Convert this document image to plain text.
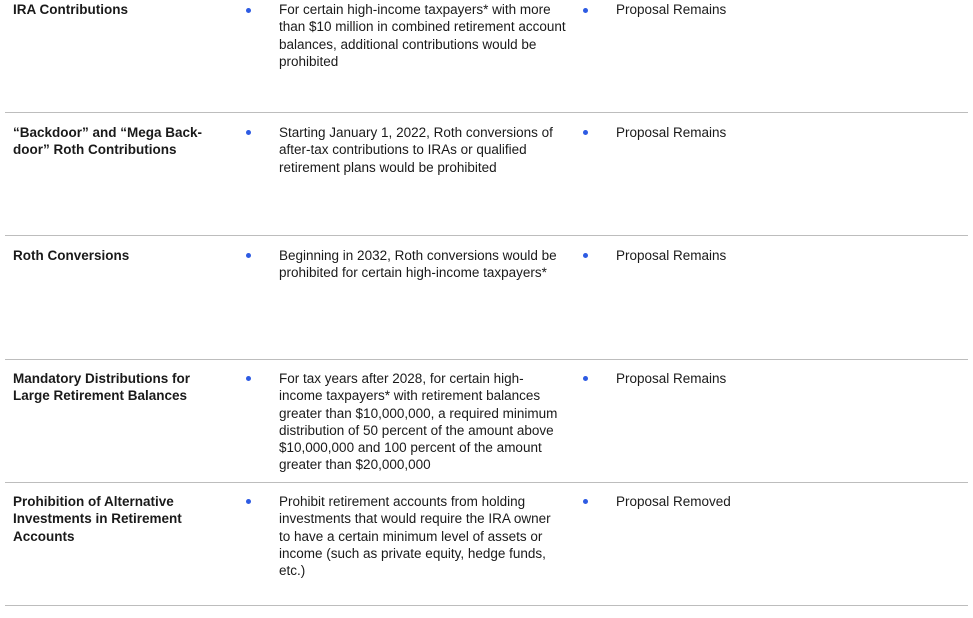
IRA Contributions	For certain high-income taxpayers* with more than $10 million in combined retirement account balances, additional contributions would be prohibited
Proposal Remains
“Backdoor” and “Mega Back-door” Roth Contributions
Starting January 1, 2022, Roth conversions of after-tax contributions to IRAs or qualified retirement plans would be prohibited
Proposal Remains
Roth Conversions	Beginning in 2032, Roth conversions would be prohibited for certain high-income taxpayers*
Proposal Remains
Mandatory Distributions for Large Retirement Balances
For tax years after 2028, for certain high-income taxpayers* with retirement balances greater than $10,000,000, a required minimum distribution of 50 percent of the amount above $10,000,000 and 100 percent of the amount greater than $20,000,000
Proposal Remains
Prohibition of Alternative Investments in Retirement Accounts
Prohibit retirement accounts from holding investments that would require the IRA owner to have a certain minimum level of assets or income (such as private equity, hedge funds, etc.)
Proposal Removed
